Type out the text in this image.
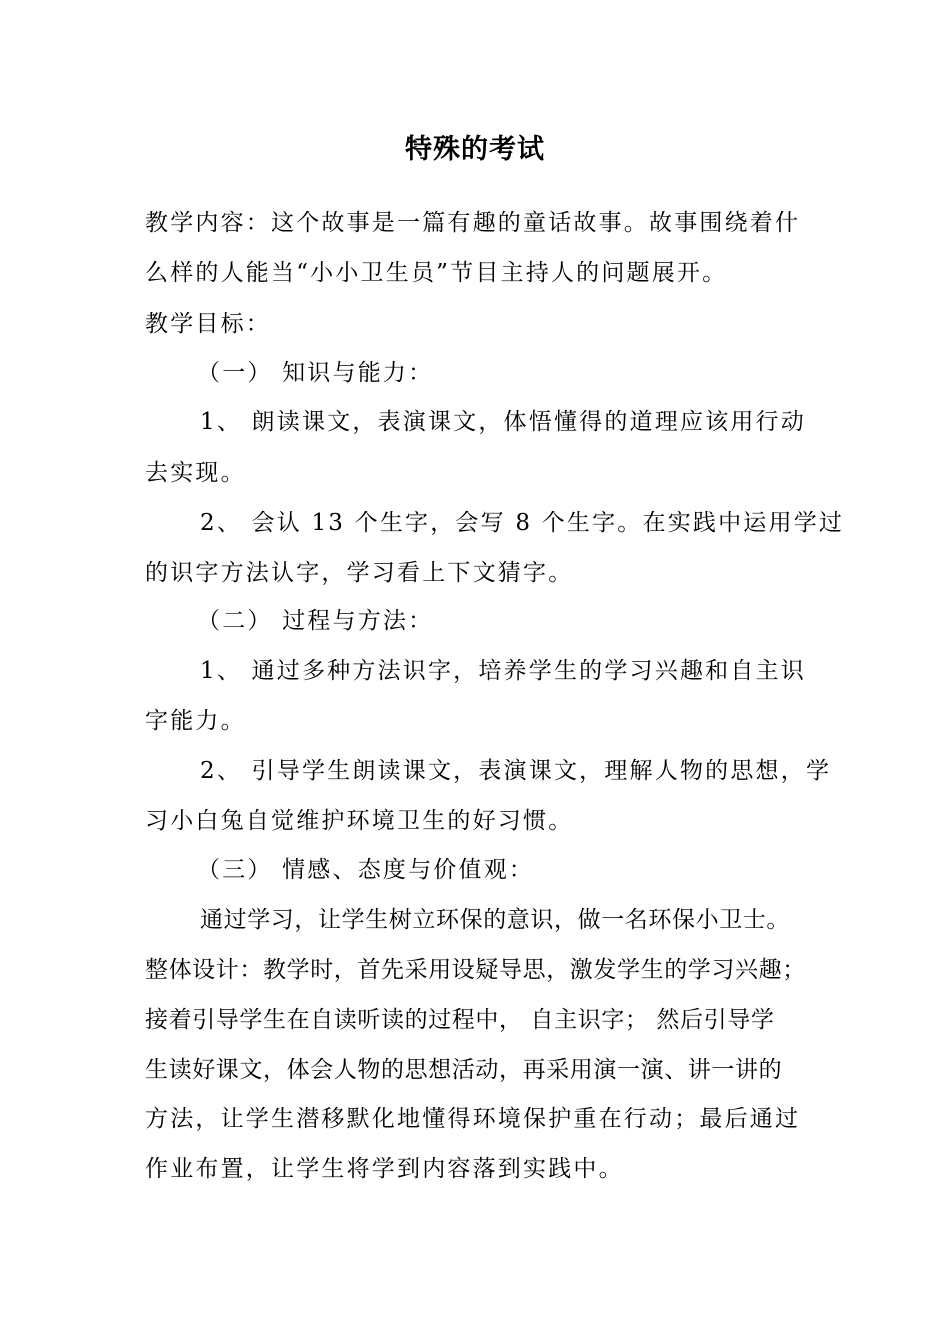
特殊的考试
教学内容：这个故事是一篇有趣的童话故事。故事围绕着什
么样的人能当“小小卫生员”节目主持人的问题展开。
教学目标：
（一） 知识与能力：
1、 朗读课文，表演课文，体悟懂得的道理应该用行动
去实现。
2、 会认 13 个生字，会写 8 个生字。在实践中运用学过
的识字方法认字，学习看上下文猜字。
（二） 过程与方法：
1、 通过多种方法识字，培养学生的学习兴趣和自主识
字能力。
2、 引导学生朗读课文，表演课文，理解人物的思想，学
习小白兔自觉维护环境卫生的好习惯。
（三） 情感、态度与价值观：
通过学习，让学生树立环保的意识，做一名环保小卫士。
整体设计：教学时，首先采用设疑导思，激发学生的学习兴趣；
接着引导学生在自读听读的过程中， 自主识字； 然后引导学
生读好课文，体会人物的思想活动，再采用演一演、讲一讲的
方法，让学生潜移默化地懂得环境保护重在行动；最后通过
作业布置，让学生将学到内容落到实践中。
